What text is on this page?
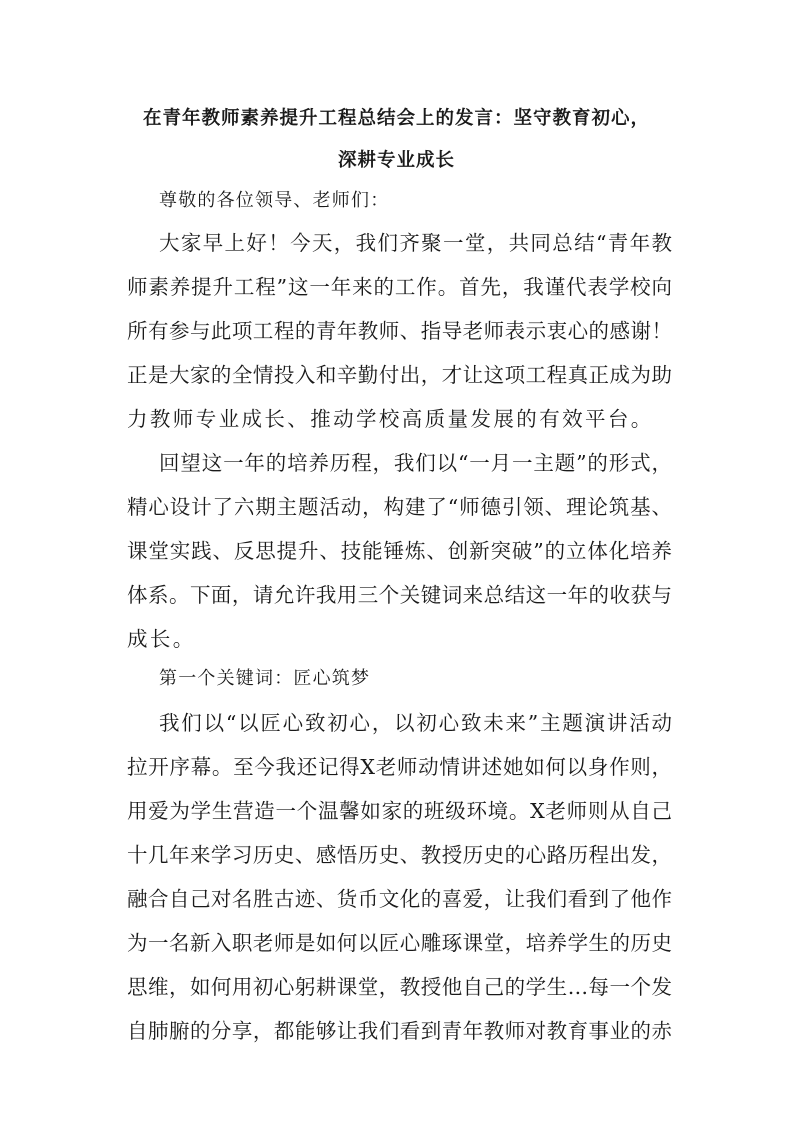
在青年教师素养提升工程总结会上的发言：坚守教育初心，
深耕专业成长
尊敬的各位领导、老师们：
大家早上好！今天，我们齐聚一堂，共同总结“青年教
师素养提升工程”这一年来的工作。首先，我谨代表学校向
所有参与此项工程的青年教师、指导老师表示衷心的感谢！
正是大家的全情投入和辛勤付出，才让这项工程真正成为助
力教师专业成长、推动学校高质量发展的有效平台。
回望这一年的培养历程，我们以“一月一主题”的形式，
精心设计了六期主题活动，构建了“师德引领、理论筑基、
课堂实践、反思提升、技能锤炼、创新突破”的立体化培养
体系。下面，请允许我用三个关键词来总结这一年的收获与
成长。
第一个关键词：匠心筑梦
我们以“以匠心致初心，以初心致未来”主题演讲活动
拉开序幕。至今我还记得X老师动情讲述她如何以身作则，
用爱为学生营造一个温馨如家的班级环境。X老师则从自己
十几年来学习历史、感悟历史、教授历史的心路历程出发，
融合自己对名胜古迹、货币文化的喜爱，让我们看到了他作
为一名新入职老师是如何以匠心雕琢课堂，培养学生的历史
思维，如何用初心躬耕课堂，教授他自己的学生…每一个发
自肺腑的分享，都能够让我们看到青年教师对教育事业的赤
